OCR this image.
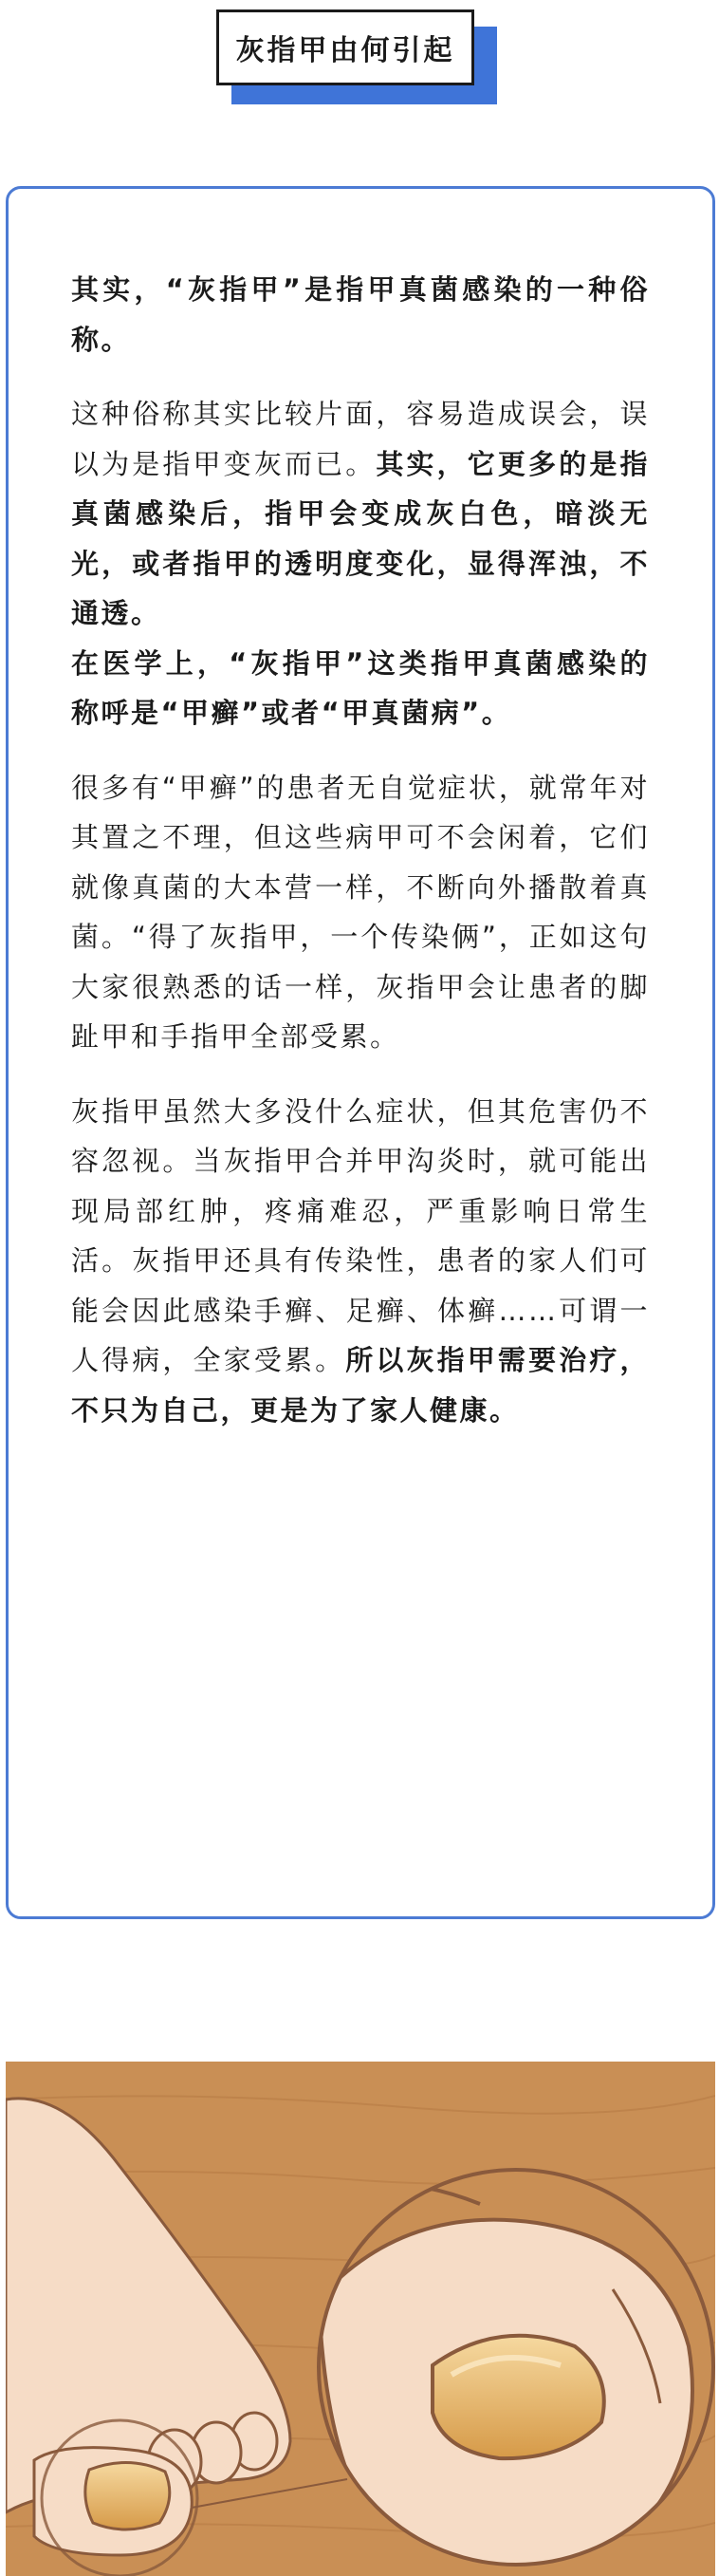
灰指甲由何引起

其实，“灰指甲”是指甲真菌感染的一种俗称。

这种俗称其实比较片面，容易造成误会，误以为是指甲变灰而已。其实，它更多的是指真菌感染后，指甲会变成灰白色，暗淡无光，或者指甲的透明度变化，显得浑浊，不通透。

在医学上，“灰指甲”这类指甲真菌感染的称呼是“甲癣”或者“甲真菌病”。

很多有“甲癣”的患者无自觉症状，就常年对其置之不理，但这些病甲可不会闲着，它们就像真菌的大本营一样，不断向外播散着真菌。“得了灰指甲，一个传染俩”，正如这句大家很熟悉的话一样，灰指甲会让患者的脚趾甲和手指甲全部受累。

灰指甲虽然大多没什么症状，但其危害仍不容忽视。当灰指甲合并甲沟炎时，就可能出现局部红肿，疼痛难忍，严重影响日常生活。灰指甲还具有传染性，患者的家人们可能会因此感染手癣、足癣、体癣……可谓一人得病，全家受累。所以灰指甲需要治疗，不只为自己，更是为了家人健康。
